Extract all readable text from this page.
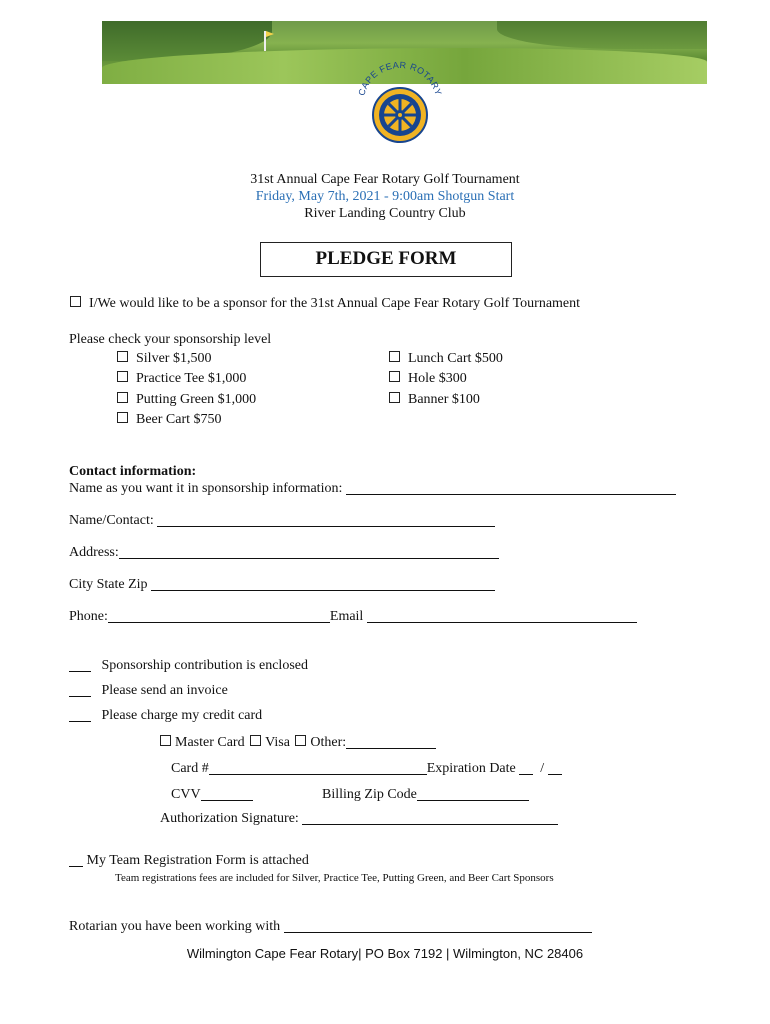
CAPE FEAR ROTARY
31st Annual Cape Fear Rotary Golf Tournament
Friday, May 7th, 2021 - 9:00am Shotgun Start
River Landing Country Club
PLEDGE FORM
I/We would like to be a sponsor for the 31st Annual Cape Fear Rotary Golf Tournament
Please check your sponsorship level
Silver $1,500
Practice Tee $1,000
Putting Green $1,000
Beer Cart $750
Lunch Cart $500
Hole $300
Banner $100
Contact information:
Name as you want it in sponsorship information:
Name/Contact:
Address:
City State Zip
Phone:	Email
Sponsorship contribution is enclosed
Please send an invoice
Please charge my credit card
Master Card Visa Other:
Card #	Expiration Date /
CVV	Billing Zip Code
Authorization Signature:
My Team Registration Form is attached
Team registrations fees are included for Silver, Practice Tee, Putting Green, and Beer Cart Sponsors
Rotarian you have been working with
Wilmington Cape Fear Rotary| PO Box 7192 | Wilmington, NC 28406
